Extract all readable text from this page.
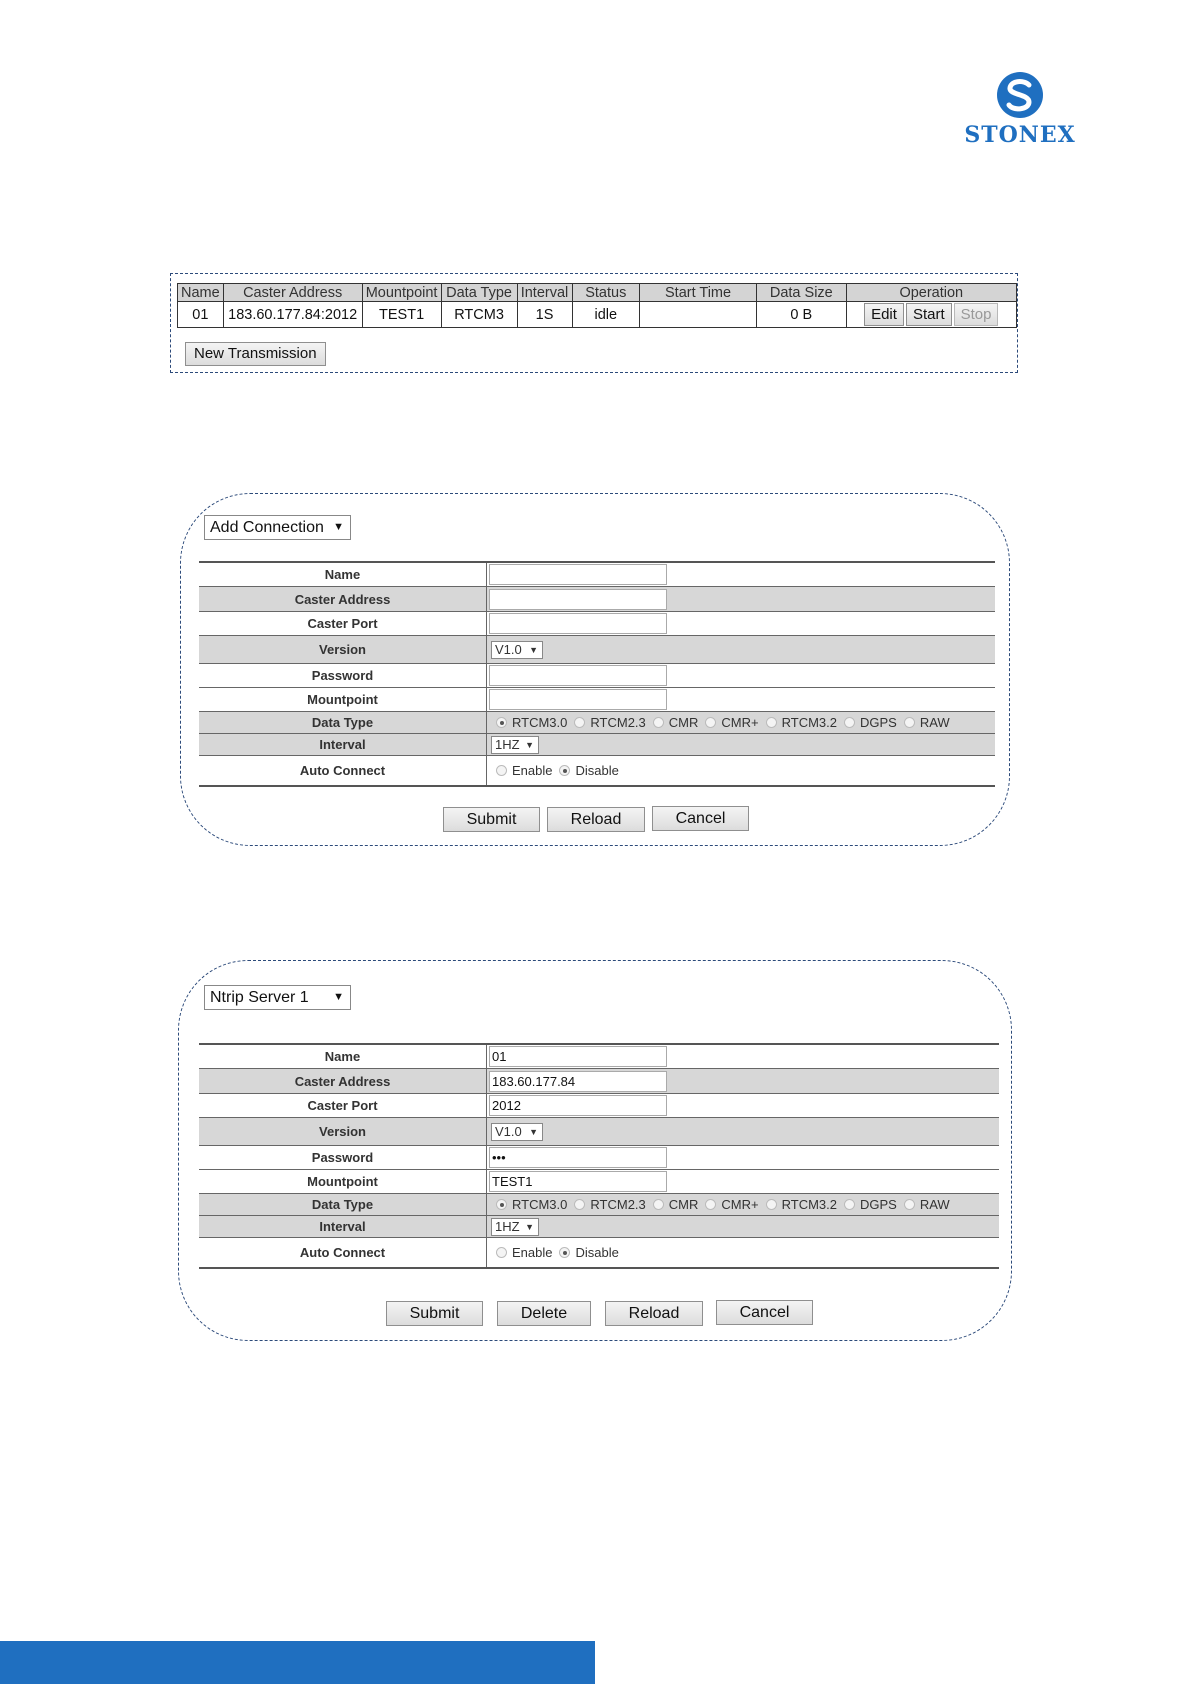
STONEX
Name	Caster Address	Mountpoint	Data Type	Interval	Status	Start Time	Data Size	Operation
01	183.60.177.84:2012	TEST1	RTCM3	1S	idle		0 B	Edit Start Stop
New Transmission
Add Connection ▼
Name
Caster Address
Caster Port
Version	V1.0 ▼
Password
Mountpoint
Data Type	RTCM3.0 RTCM2.3 CMR CMR+ RTCM3.2 DGPS RAW
Interval	1HZ ▼
Auto Connect	Enable Disable
Submit	Reload	Cancel
Ntrip Server 1 ▼
Name	01
Caster Address	183.60.177.84
Caster Port	2012
Version	V1.0 ▼
Password	•••
Mountpoint	TEST1
Data Type	RTCM3.0 RTCM2.3 CMR CMR+ RTCM3.2 DGPS RAW
Interval	1HZ ▼
Auto Connect	Enable Disable
Submit	Delete	Reload	Cancel
